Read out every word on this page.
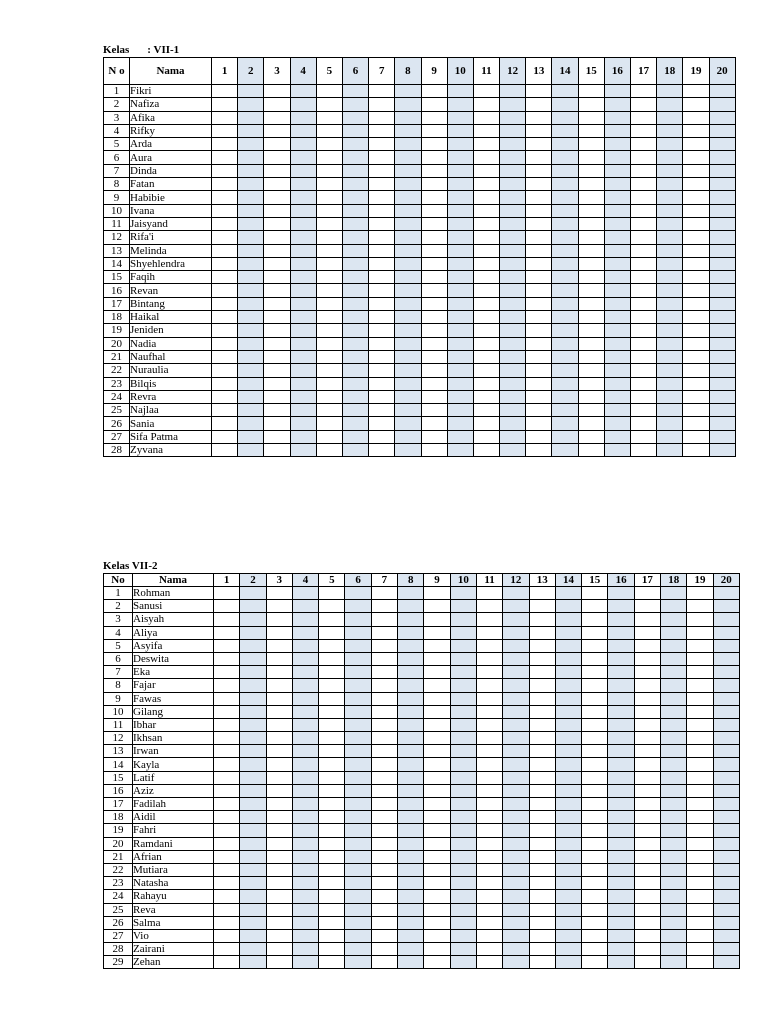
Kelas : VII-1
N o	Nama	1	2	3	4	5	6	7	8	9	10	11	12	13	14	15	16	17	18	19	20
1	Fikri																				
2	Nafiza																				
3	Afika																				
4	Rifky																				
5	Arda																				
6	Aura																				
7	Dinda																				
8	Fatan																				
9	Habibie																				
10	Ivana																				
11	Jaisyand																				
12	Rifa'i																				
13	Melinda																				
14	Shyehlendra																				
15	Faqih																				
16	Revan																				
17	Bintang																				
18	Haikal																				
19	Jeniden																				
20	Nadia																				
21	Naufhal																				
22	Nuraulia																				
23	Bilqis																				
24	Revra																				
25	Najlaa																				
26	Sania																				
27	Sifa Patma																				
28	Zyvana																				
Kelas VII-2
No	Nama	1	2	3	4	5	6	7	8	9	10	11	12	13	14	15	16	17	18	19	20
1	Rohman																				
2	Sanusi																				
3	Aisyah																				
4	Aliya																				
5	Asyifa																				
6	Deswita																				
7	Eka																				
8	Fajar																				
9	Fawas																				
10	Gilang																				
11	Ibhar																				
12	Ikhsan																				
13	Irwan																				
14	Kayla																				
15	Latif																				
16	Aziz																				
17	Fadilah																				
18	Aidil																				
19	Fahri																				
20	Ramdani																				
21	Afrian																				
22	Mutiara																				
23	Natasha																				
24	Rahayu																				
25	Reva																				
26	Salma																				
27	Vio																				
28	Zairani																				
29	Zehan																				
